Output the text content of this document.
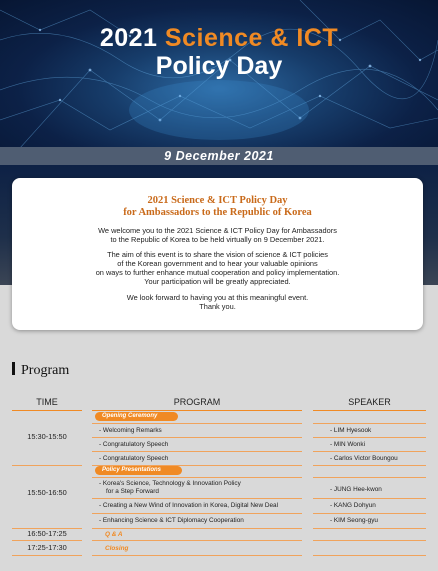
2021 Science & ICT
Policy Day
9 December 2021
2021 Science & ICT Policy Day
for Ambassadors to the Republic of Korea
We welcome you to the 2021 Science & ICT Policy Day for Ambassadors
to the Republic of Korea to be held virtually on 9 December 2021.
The aim of this event is to share the vision of science & ICT policies
of the Korean government and to hear your valuable opinions
on ways to further enhance mutual cooperation and policy implementation.
Your participation will be greatly appreciated.
We look forward to having you at this meaningful event.
Thank you.
Program
TIME	PROGRAM	SPEAKER
Opening Ceremony
15:30-15:50
- Welcoming Remarks	- LIM Hyesook
- Congratulatory Speech	- MIN Wonki
- Congratulatory Speech	- Carlos Victor Boungou
Policy Presentations
15:50-16:50
- Korea's Science, Technology & Innovation Policy
for a Step Forward	- JUNG Hee-kwon
- Creating a New Wind of Innovation in Korea, Digital New Deal	- KANG Dohyun
- Enhancing Science & ICT Diplomacy Cooperation	- KIM Seong-gyu
16:50-17:25	Q & A
17:25-17:30	Closing
